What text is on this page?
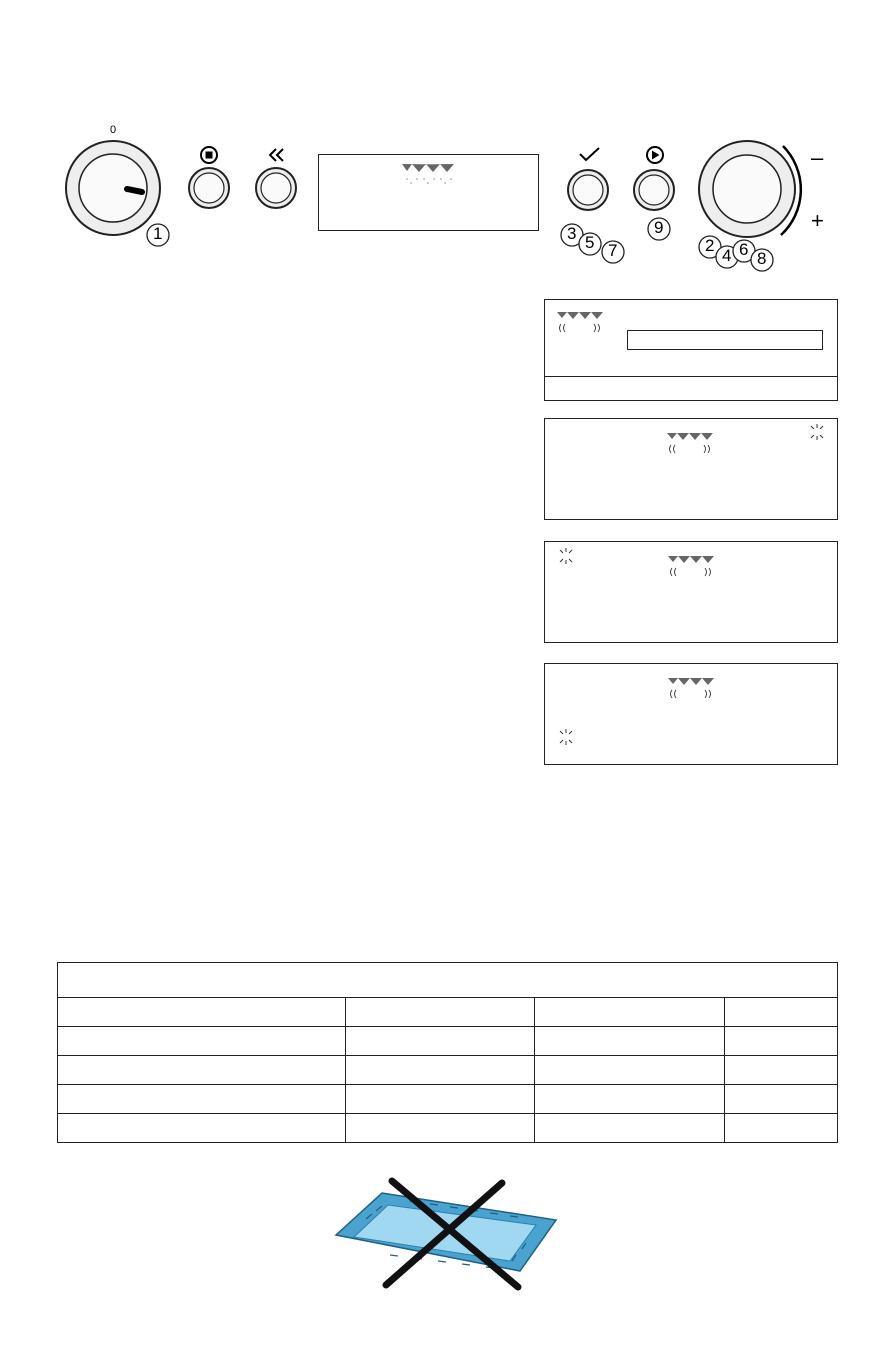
0
1	3 5 7
9
–
+
2
4 6 8
